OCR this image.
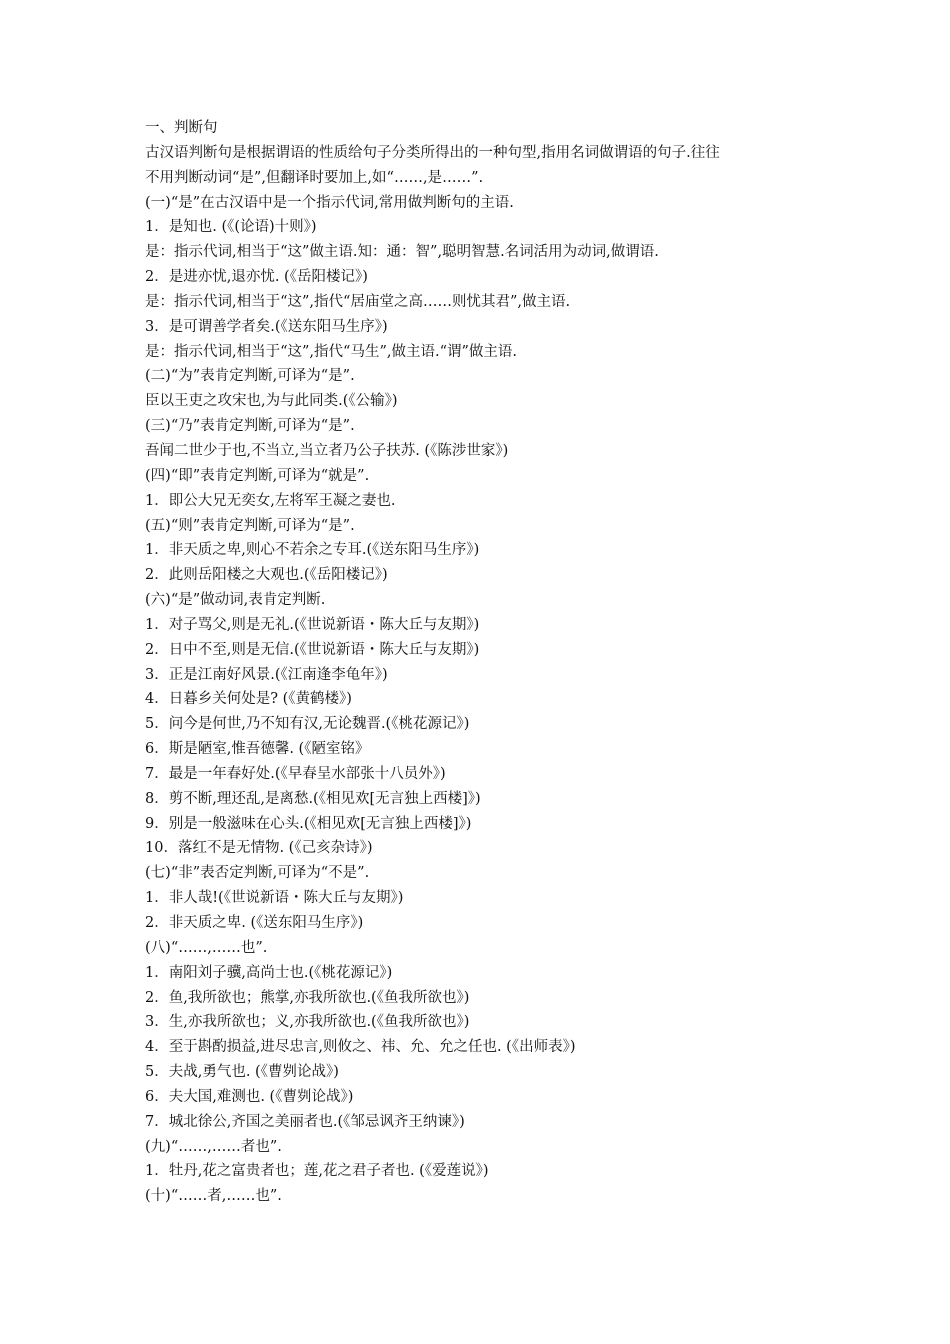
一、判断句
古汉语判断句是根据谓语的性质给句子分类所得出的一种句型,指用名词做谓语的句子.往往
不用判断动词“是”,但翻译时要加上,如“……,是……”.
(一)“是”在古汉语中是一个指示代词,常用做判断句的主语.
1．是知也. (《(论语)十则》)
是：指示代词,相当于“这”做主语.知：通：智”,聪明智慧.名词活用为动词,做谓语.
2．是进亦忧,退亦忧. (《岳阳楼记》)
是：指示代词,相当于“这”,指代“居庙堂之高……则忧其君”,做主语.
3．是可谓善学者矣.(《送东阳马生序》)
是：指示代词,相当于“这”,指代“马生”,做主语.“谓”做主语.
(二)“为”表肯定判断,可译为“是”.
臣以王吏之攻宋也,为与此同类.(《公输》)
(三)“乃”表肯定判断,可译为“是”.
吾闻二世少于也,不当立,当立者乃公子扶苏. (《陈涉世家》)
(四)“即”表肯定判断,可译为“就是”.
1．即公大兄无奕女,左将军王凝之妻也.
(五)“则”表肯定判断,可译为“是”.
1．非天质之卑,则心不若余之专耳.(《送东阳马生序》)
2．此则岳阳楼之大观也.(《岳阳楼记》)
(六)“是”做动词,表肯定判断.
1．对子骂父,则是无礼.(《世说新语・陈大丘与友期》)
2．日中不至,则是无信.(《世说新语・陈大丘与友期》)
3．正是江南好风景.(《江南逢李龟年》)
4．日暮乡关何处是? (《黄鹤楼》)
5．问今是何世,乃不知有汉,无论魏晋.(《桃花源记》)
6．斯是陋室,惟吾德馨. (《陋室铭》
7．最是一年春好处.(《早春呈水部张十八员外》)
8．剪不断,理还乱,是离愁.(《相见欢[无言独上西楼]》)
9．别是一般滋味在心头.(《相见欢[无言独上西楼]》)
10．落红不是无情物. (《己亥杂诗》)
(七)“非”表否定判断,可译为“不是”.
1．非人哉!(《世说新语・陈大丘与友期》)
2．非天质之卑. (《送东阳马生序》)
(八)“……,……也”.
1．南阳刘子骥,高尚士也.(《桃花源记》)
2．鱼,我所欲也；熊掌,亦我所欲也.(《鱼我所欲也》)
3．生,亦我所欲也；义,亦我所欲也.(《鱼我所欲也》)
4．至于斟酌损益,进尽忠言,则攸之、祎、允、允之任也. (《出师表》)
5．夫战,勇气也. (《曹刿论战》)
6．夫大国,难测也. (《曹刿论战》)
7．城北徐公,齐国之美丽者也.(《邹忌讽齐王纳谏》)
(九)“……,……者也”.
1．牡丹,花之富贵者也；莲,花之君子者也. (《爱莲说》)
(十)“……者,……也”.
